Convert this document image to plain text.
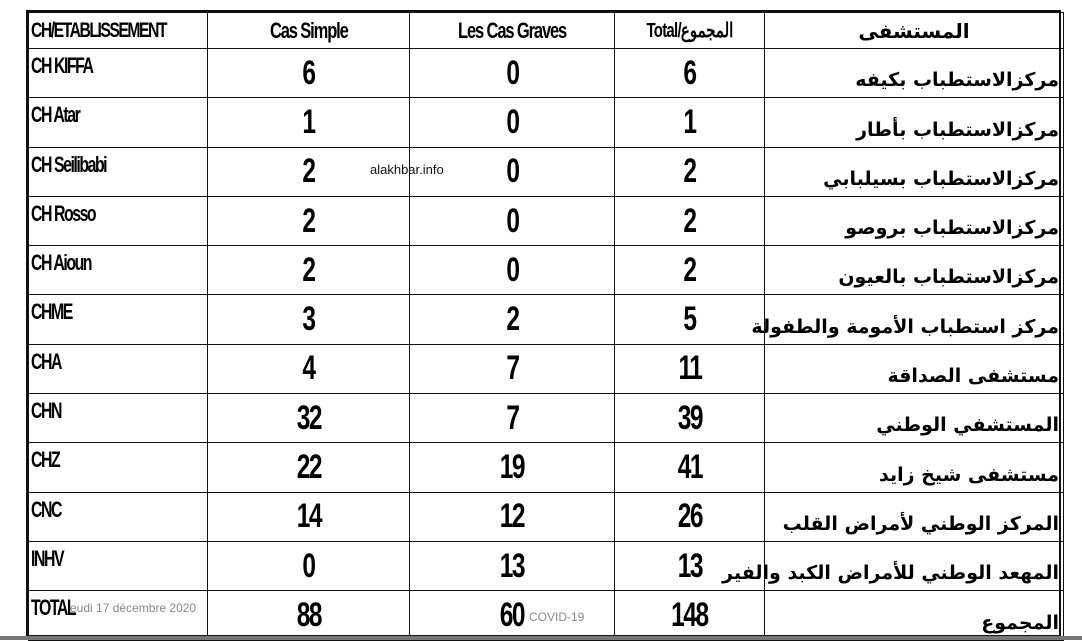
CH/ETABLISSEMENT	Cas Simple	Les Cas Graves	Total/المجموع	المستشفى
CH KIFFA	6	0	6	مركزالاستطباب بكيفه
CH Atar	1	0	1	مركزالاستطباب بأطار
CH Seilibabi	2	0	2	مركزالاستطباب بسيلبابي
CH Rosso	2	0	2	مركزالاستطباب بروصو
CH Aioun	2	0	2	مركزالاستطباب بالعيون
CHME	3	2	5	مركز استطباب الأمومة والطفولة
CHA	4	7	11	مستشفى الصداقة
CHN	32	7	39	المستشفي الوطني
CHZ	22	19	41	مستشفى شيخ زايد
CNC	14	12	26	المركز الوطني لأمراض القلب
INHV	0	13	13	المهعد الوطني للأمراض الكبد والفير
TOTAL	88	60	148	المجموع
alakhbar.info
eudi 17 décembre 2020
COVID-19
